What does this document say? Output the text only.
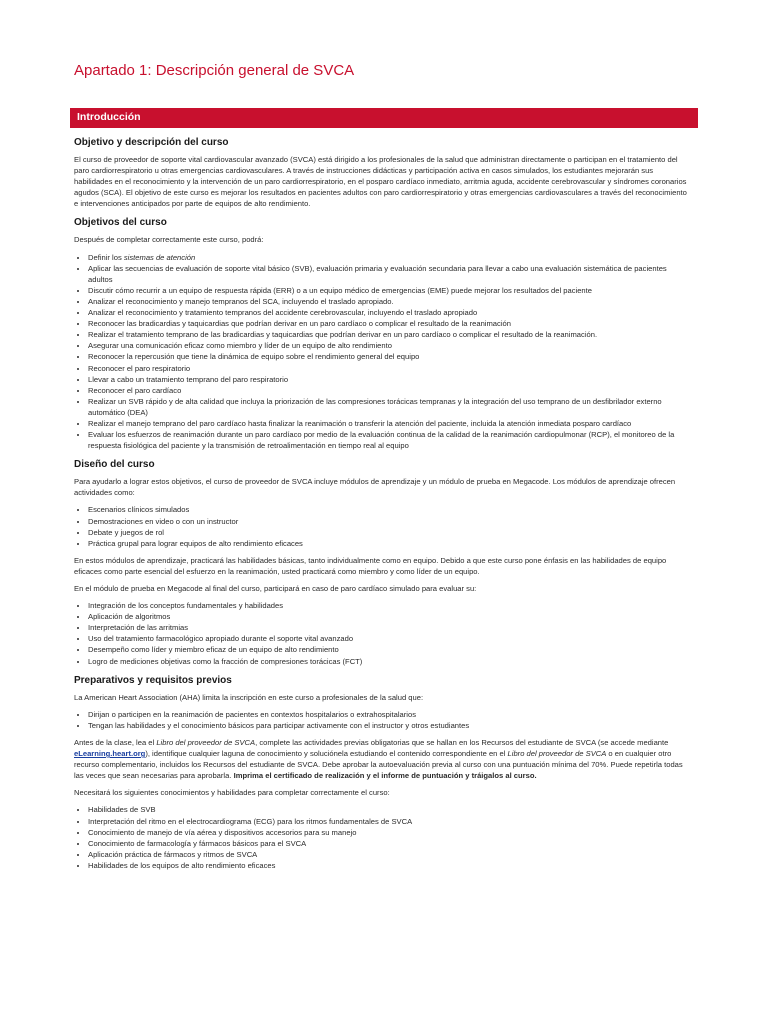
Apartado 1: Descripción general de SVCA
Introducción
Objetivo y descripción del curso

El curso de proveedor de soporte vital cardiovascular avanzado (SVCA) está dirigido a los profesionales de la salud que administran directamente o participan en el tratamiento del paro cardiorrespiratorio u otras emergencias cardiovasculares. A través de instrucciones didácticas y participación activa en casos simulados, los estudiantes mejorarán sus habilidades en el reconocimiento y la intervención de un paro cardiorrespiratorio, en el posparo cardíaco inmediato, arritmia aguda, accidente cerebrovascular y síndromes coronarios agudos (SCA). El objetivo de este curso es mejorar los resultados en pacientes adultos con paro cardiorrespiratorio y otras emergencias cardiovasculares a través del reconocimiento e intervenciones anticipados por parte de equipos de alto rendimiento.

Objetivos del curso

Después de completar correctamente este curso, podrá:

• Definir los sistemas de atención
• Aplicar las secuencias de evaluación de soporte vital básico (SVB), evaluación primaria y evaluación secundaria para llevar a cabo una evaluación sistemática de pacientes adultos
• Discutir cómo recurrir a un equipo de respuesta rápida (ERR) o a un equipo médico de emergencias (EME) puede mejorar los resultados del paciente
• Analizar el reconocimiento y manejo tempranos del SCA, incluyendo el traslado apropiado.
• Analizar el reconocimiento y tratamiento tempranos del accidente cerebrovascular, incluyendo el traslado apropiado
• Reconocer las bradicardias y taquicardias que podrían derivar en un paro cardíaco o complicar el resultado de la reanimación
• Realizar el tratamiento temprano de las bradicardias y taquicardias que podrían derivar en un paro cardíaco o complicar el resultado de la reanimación.
• Asegurar una comunicación eficaz como miembro y líder de un equipo de alto rendimiento
• Reconocer la repercusión que tiene la dinámica de equipo sobre el rendimiento general del equipo
• Reconocer el paro respiratorio
• Llevar a cabo un tratamiento temprano del paro respiratorio
• Reconocer el paro cardíaco
• Realizar un SVB rápido y de alta calidad que incluya la priorización de las compresiones torácicas tempranas y la integración del uso temprano de un desfibrilador externo automático (DEA)
• Realizar el manejo temprano del paro cardíaco hasta finalizar la reanimación o transferir la atención del paciente, incluida la atención inmediata posparo cardíaco
• Evaluar los esfuerzos de reanimación durante un paro cardíaco por medio de la evaluación continua de la calidad de la reanimación cardiopulmonar (RCP), el monitoreo de la respuesta fisiológica del paciente y la transmisión de retroalimentación en tiempo real al equipo
Diseño del curso

Para ayudarlo a lograr estos objetivos, el curso de proveedor de SVCA incluye módulos de aprendizaje y un módulo de prueba en Megacode. Los módulos de aprendizaje ofrecen actividades como:

• Escenarios clínicos simulados
• Demostraciones en video o con un instructor
• Debate y juegos de rol
• Práctica grupal para lograr equipos de alto rendimiento eficaces

En estos módulos de aprendizaje, practicará las habilidades básicas, tanto individualmente como en equipo. Debido a que este curso pone énfasis en las habilidades de equipo eficaces como parte esencial del esfuerzo en la reanimación, usted practicará como miembro y como líder de un equipo.

En el módulo de prueba en Megacode al final del curso, participará en caso de paro cardíaco simulado para evaluar su:

• Integración de los conceptos fundamentales y habilidades
• Aplicación de algoritmos
• Interpretación de las arritmias
• Uso del tratamiento farmacológico apropiado durante el soporte vital avanzado
• Desempeño como líder y miembro eficaz de un equipo de alto rendimiento
• Logro de mediciones objetivas como la fracción de compresiones torácicas (FCT)
Preparativos y requisitos previos

La American Heart Association (AHA) limita la inscripción en este curso a profesionales de la salud que:

• Dirijan o participen en la reanimación de pacientes en contextos hospitalarios o extrahospitalarios
• Tengan las habilidades y el conocimiento básicos para participar activamente con el instructor y otros estudiantes

Antes de la clase, lea el Libro del proveedor de SVCA, complete las actividades previas obligatorias que se hallan en los Recursos del estudiante de SVCA (se accede mediante eLearning.heart.org), identifique cualquier laguna de conocimiento y soluciónela estudiando el contenido correspondiente en el Libro del proveedor de SVCA o en cualquier otro recurso complementario, incluidos los Recursos del estudiante de SVCA. Debe aprobar la autoevaluación previa al curso con una puntuación mínima del 70%. Puede repetirla todas las veces que sean necesarias para aprobarla. Imprima el certificado de realización y el informe de puntuación y tráigalos al curso.

Necesitará los siguientes conocimientos y habilidades para completar correctamente el curso:

• Habilidades de SVB
• Interpretación del ritmo en el electrocardiograma (ECG) para los ritmos fundamentales de SVCA
• Conocimiento de manejo de vía aérea y dispositivos accesorios para su manejo
• Conocimiento de farmacología y fármacos básicos para el SVCA
• Aplicación práctica de fármacos y ritmos de SVCA
• Habilidades de los equipos de alto rendimiento eficaces
